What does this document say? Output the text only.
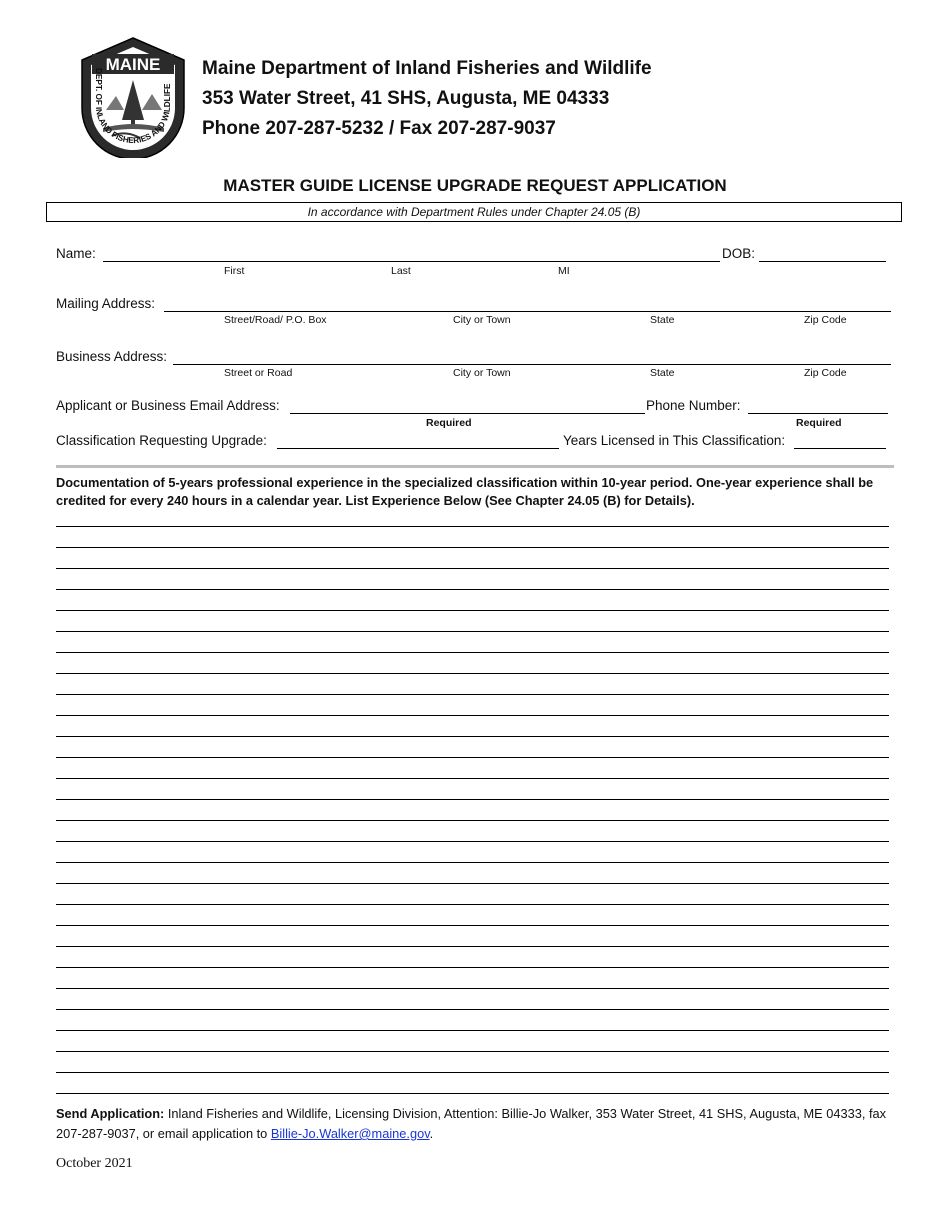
MAINE
DEPT. OF INLAND FISHERIES AND WILDLIFE
Maine Department of Inland Fisheries and Wildlife
353 Water Street, 41 SHS, Augusta, ME 04333
Phone 207-287-5232 / Fax 207-287-9037
MASTER GUIDE LICENSE UPGRADE REQUEST APPLICATION
In accordance with Department Rules under Chapter 24.05 (B)
Name:	DOB:
First	Last	MI
Mailing Address:
Street/Road/ P.O. Box	City or Town	State	Zip Code
Business Address:
Street or Road	City or Town	State	Zip Code
Applicant or Business Email Address:	Phone Number:
Required	Required
Classification Requesting Upgrade:	Years Licensed in This Classification:
Documentation of 5-years professional experience in the specialized classification within 10-year period. One-year experience shall be credited for every 240 hours in a calendar year. List Experience Below (See Chapter 24.05 (B) for Details).
Send Application: Inland Fisheries and Wildlife, Licensing Division, Attention: Billie-Jo Walker, 353 Water Street, 41 SHS, Augusta, ME 04333, fax 207-287-9037, or email application to Billie-Jo.Walker@maine.gov.
October 2021
